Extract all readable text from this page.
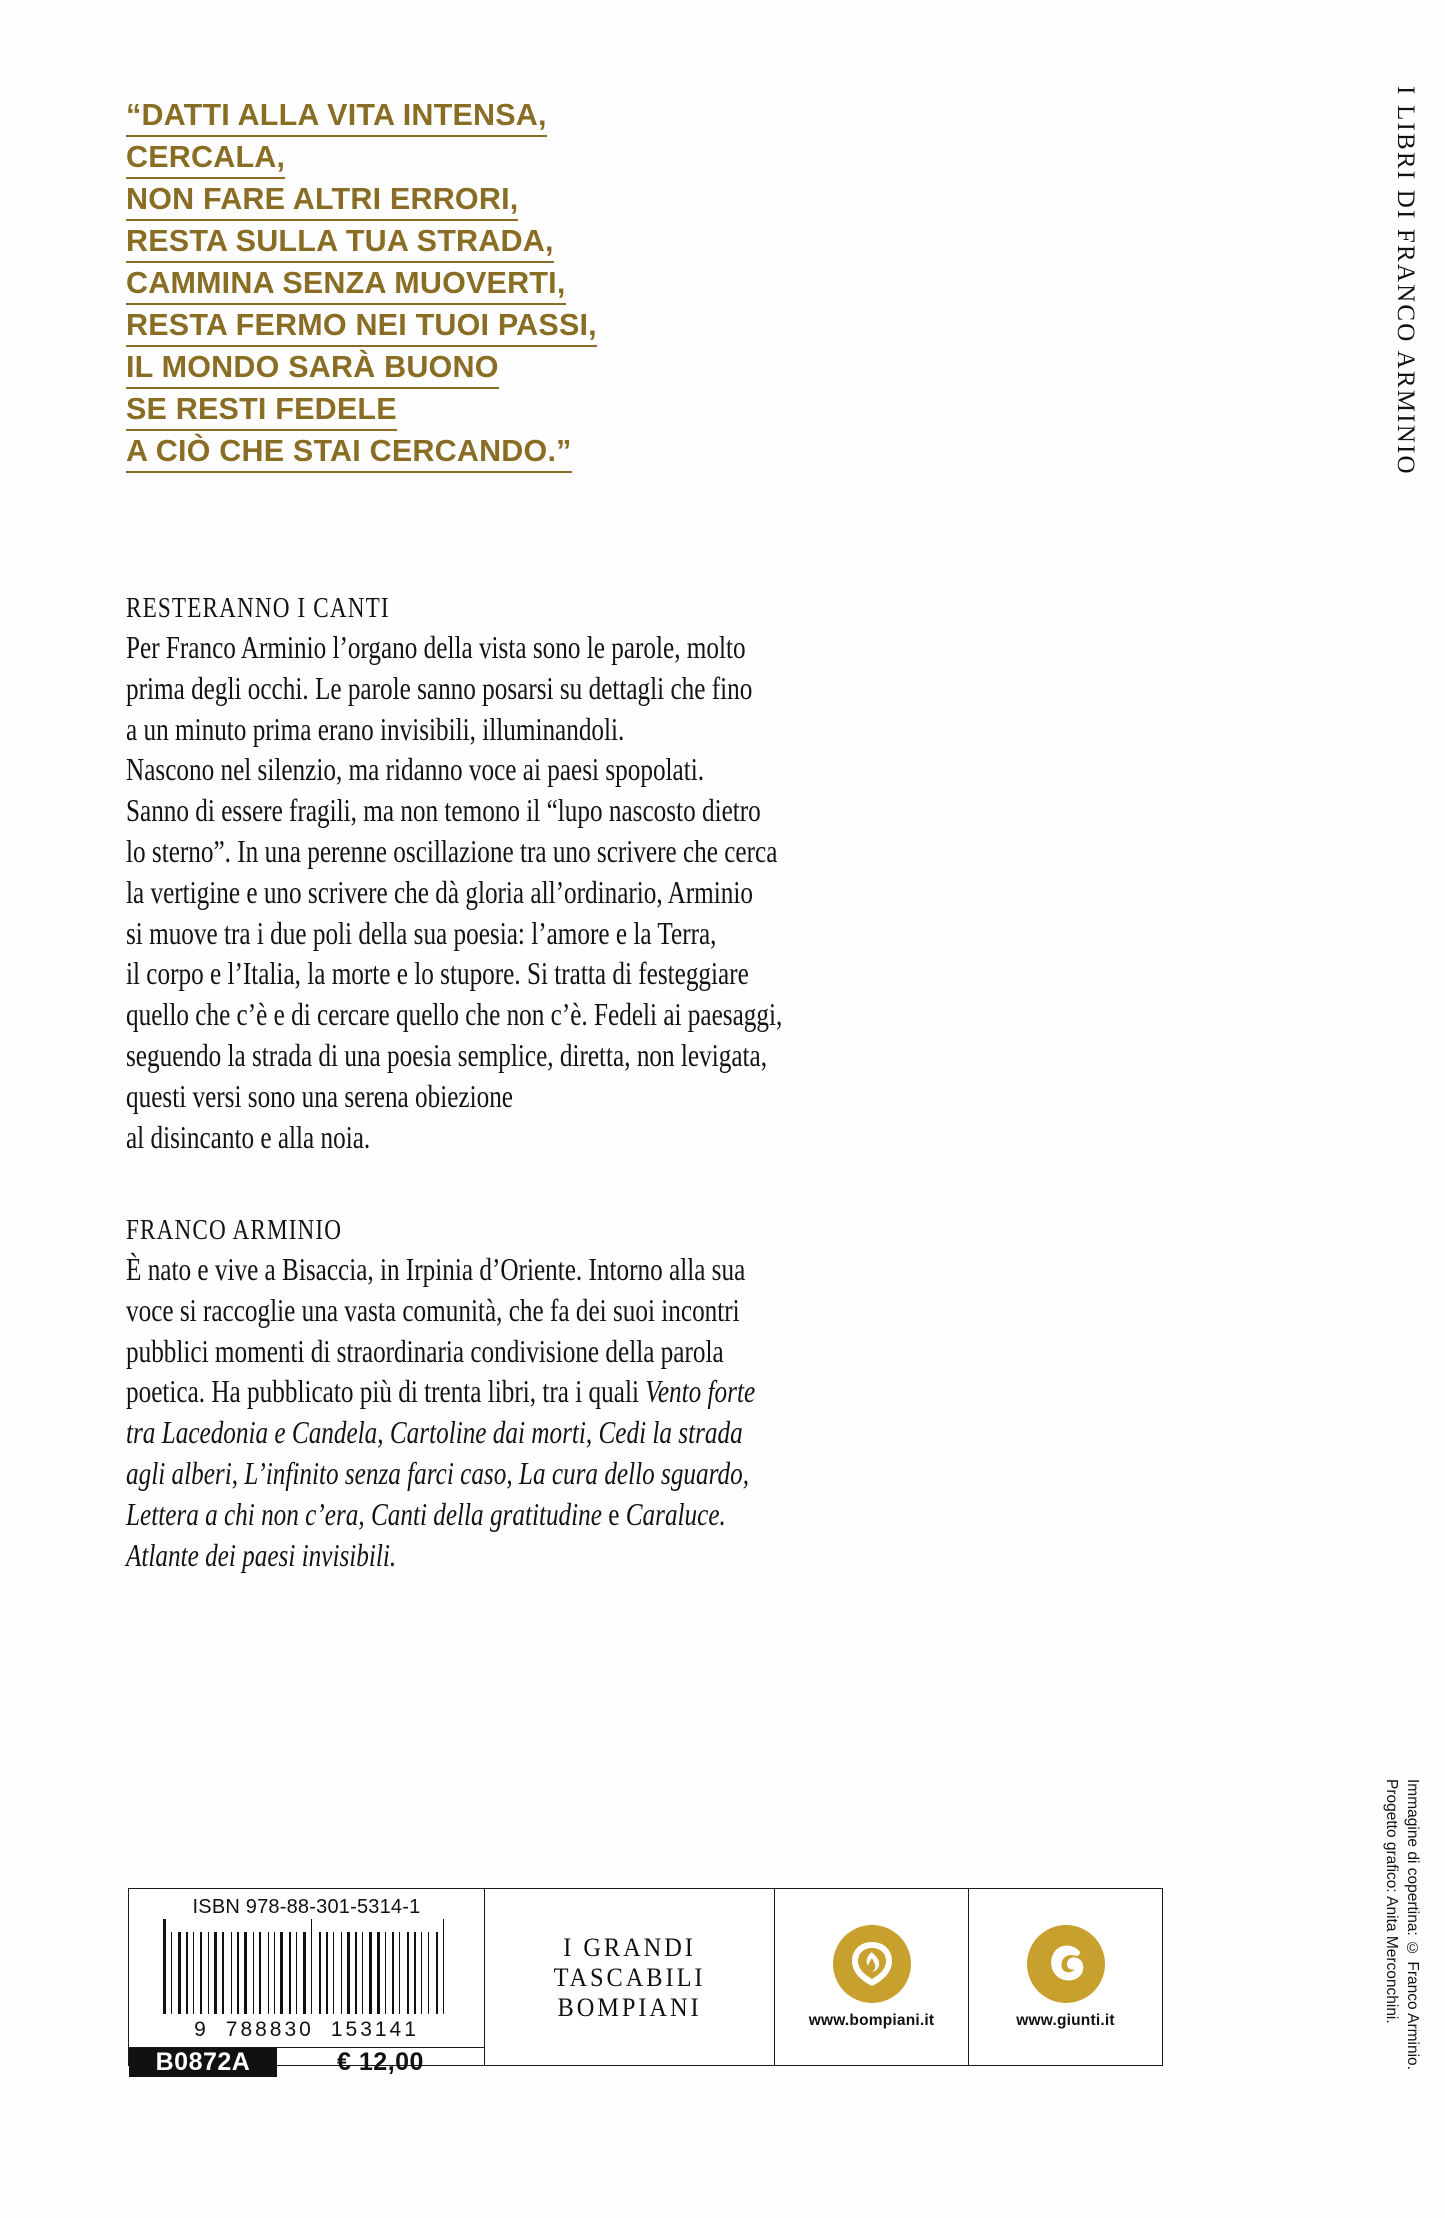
“DATTI ALLA VITA INTENSA,
CERCALA,
NON FARE ALTRI ERRORI,
RESTA SULLA TUA STRADA,
CAMMINA SENZA MUOVERTI,
RESTA FERMO NEI TUOI PASSI,
IL MONDO SARÀ BUONO
SE RESTI FEDELE
A CIÒ CHE STAI CERCANDO.”	I LIBRI DI FRANCO ARMINIO
RESTERANNO I CANTI
Per Franco Arminio l’organo della vista sono le parole, molto
prima degli occhi. Le parole sanno posarsi su dettagli che fino
a un minuto prima erano invisibili, illuminandoli.
Nascono nel silenzio, ma ridanno voce ai paesi spopolati.
Sanno di essere fragili, ma non temono il “lupo nascosto dietro
lo sterno”. In una perenne oscillazione tra uno scrivere che cerca
la vertigine e uno scrivere che dà gloria all’ordinario, Arminio
si muove tra i due poli della sua poesia: l’amore e la Terra,
il corpo e l’Italia, la morte e lo stupore. Si tratta di festeggiare
quello che c’è e di cercare quello che non c’è. Fedeli ai paesaggi,
seguendo la strada di una poesia semplice, diretta, non levigata,
questi versi sono una serena obiezione
al disincanto e alla noia.
FRANCO ARMINIO
È nato e vive a Bisaccia, in Irpinia d’Oriente. Intorno alla sua
voce si raccoglie una vasta comunità, che fa dei suoi incontri
pubblici momenti di straordinaria condivisione della parola
poetica. Ha pubblicato più di trenta libri, tra i quali Vento forte
tra Lacedonia e Candela, Cartoline dai morti, Cedi la strada
agli alberi, L’infinito senza farci caso, La cura dello sguardo,
Lettera a chi non c’era, Canti della gratitudine e Caraluce.
Atlante dei paesi invisibili.
ISBN 978-88-301-5314-1
9 788830 153141
B0872A	€ 12,00
I GRANDI
TASCABILI
BOMPIANI	www.bompiani.it	www.giunti.it	Immagine di copertina: © Franco Arminio.
Progetto grafico: Anita Merconchini.
